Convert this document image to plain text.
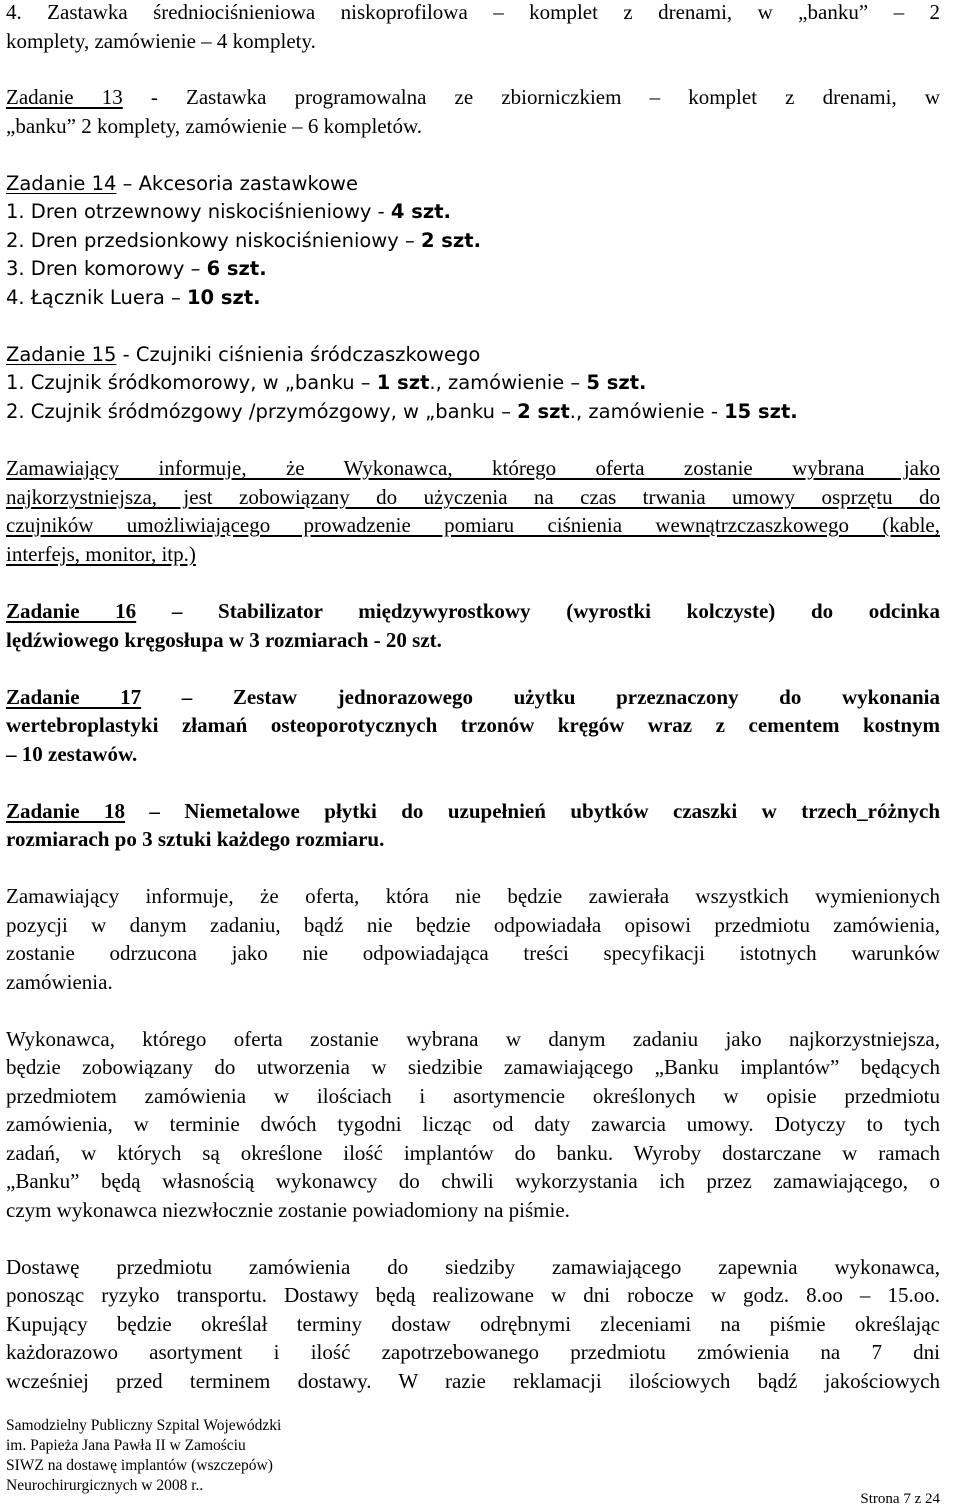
4. Zastawka średniociśnieniowa niskoprofilowa – komplet z drenami, w „banku” – 2
komplety, zamówienie – 4 komplety.
Zadanie 13 - Zastawka programowalna ze zbiorniczkiem – komplet z drenami, w
„banku” 2 komplety, zamówienie – 6 kompletów.
Zadanie 14 – Akcesoria zastawkowe
1. Dren otrzewnowy niskociśnieniowy - 4 szt.
2. Dren przedsionkowy niskociśnieniowy – 2 szt.
3. Dren komorowy – 6 szt.
4. Łącznik Luera – 10 szt.
Zadanie 15 - Czujniki ciśnienia śródczaszkowego
1. Czujnik śródkomorowy, w „banku – 1 szt., zamówienie – 5 szt.
2. Czujnik śródmózgowy /przymózgowy, w „banku – 2 szt., zamówienie - 15 szt.
Zamawiający informuje, że Wykonawca, którego oferta zostanie wybrana jako
najkorzystniejsza, jest zobowiązany do użyczenia na czas trwania umowy osprzętu do
czujników umożliwiającego prowadzenie pomiaru ciśnienia wewnątrzczaszkowego (kable,
interfejs, monitor, itp.)
Zadanie 16 – Stabilizator międzywyrostkowy (wyrostki kolczyste) do odcinka
lędźwiowego kręgosłupa w 3 rozmiarach - 20 szt.
Zadanie 17 – Zestaw jednorazowego użytku przeznaczony do wykonania
wertebroplastyki złamań osteoporotycznych trzonów kręgów wraz z cementem kostnym
– 10 zestawów.
Zadanie 18 – Niemetalowe płytki do uzupełnień ubytków czaszki w trzech_różnych
rozmiarach po 3 sztuki każdego rozmiaru.
Zamawiający informuje, że oferta, która nie będzie zawierała wszystkich wymienionych
pozycji w danym zadaniu, bądź nie będzie odpowiadała opisowi przedmiotu zamówienia,
zostanie odrzucona jako nie odpowiadająca treści specyfikacji istotnych warunków
zamówienia.
Wykonawca, którego oferta zostanie wybrana w danym zadaniu jako najkorzystniejsza,
będzie zobowiązany do utworzenia w siedzibie zamawiającego „Banku implantów” będących
przedmiotem zamówienia w ilościach i asortymencie określonych w opisie przedmiotu
zamówienia, w terminie dwóch tygodni licząc od daty zawarcia umowy. Dotyczy to tych
zadań, w których są określone ilość implantów do banku. Wyroby dostarczane w ramach
„Banku” będą własnością wykonawcy do chwili wykorzystania ich przez zamawiającego, o
czym wykonawca niezwłocznie zostanie powiadomiony na piśmie.
Dostawę przedmiotu zamówienia do siedziby zamawiającego zapewnia wykonawca,
ponosząc ryzyko transportu. Dostawy będą realizowane w dni robocze w godz. 8.oo – 15.oo.
Kupujący będzie określał terminy dostaw odrębnymi zleceniami na piśmie określając
każdorazowo asortyment i ilość zapotrzebowanego przedmiotu zmówienia na 7 dni
wcześniej przed terminem dostawy. W razie reklamacji ilościowych bądź jakościowych
Samodzielny Publiczny Szpital Wojewódzki
im. Papieża Jana Pawła II w Zamościu
SIWZ na dostawę implantów (wszczepów)
Neurochirurgicznych w 2008 r..
Strona 7 z 24
